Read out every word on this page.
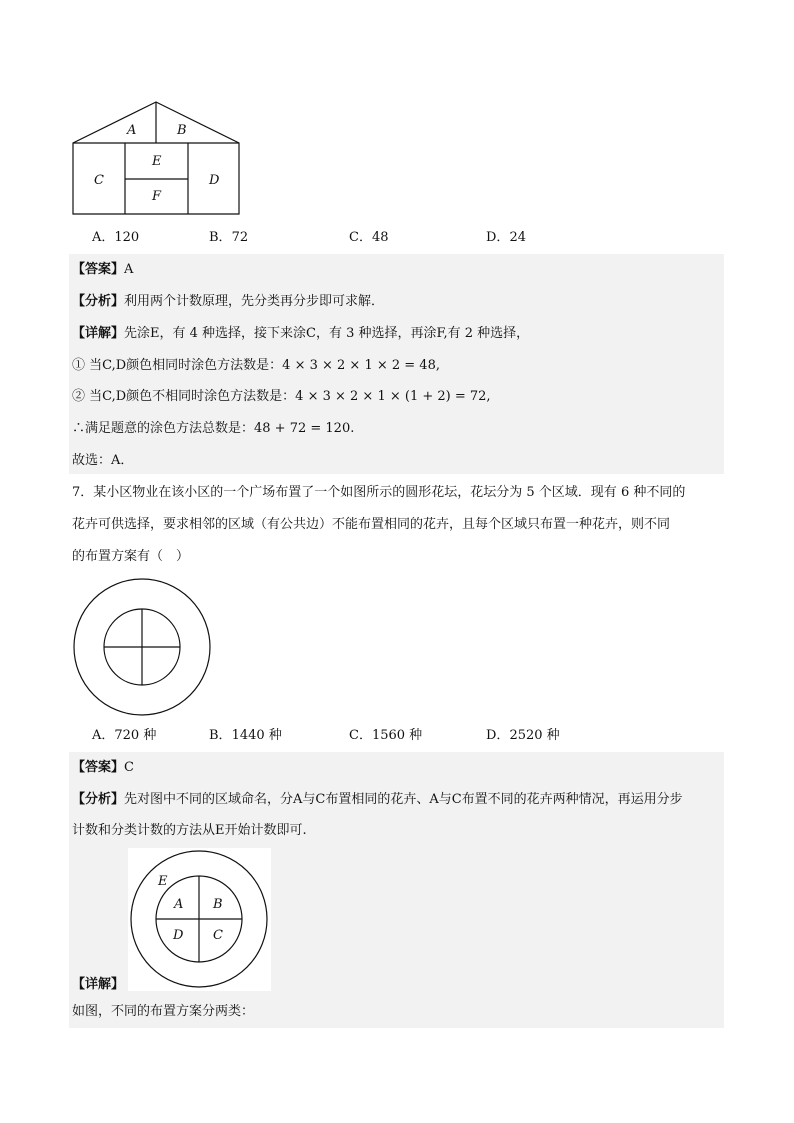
A	B
C
E
F
D
A．120	B．72	C．48	D．24
【答案】A
【分析】利用两个计数原理，先分类再分步即可求解．
【详解】先涂E，有 4 种选择，接下来涂C，有 3 种选择，再涂F,有 2 种选择，
① 当C,D颜色相同时涂色方法数是：4 × 3 × 2 × 1 × 2 = 48,
② 当C,D颜色不相同时涂色方法数是：4 × 3 × 2 × 1 × (1 + 2) = 72,
∴满足题意的涂色方法总数是：48 + 72 = 120.
故选：A．
7．某小区物业在该小区的一个广场布置了一个如图所示的圆形花坛，花坛分为 5 个区域．现有 6 种不同的
花卉可供选择，要求相邻的区域（有公共边）不能布置相同的花卉，且每个区域只布置一种花卉，则不同
的布置方案有（　）
A．720 种	B．1440 种	C．1560 种	D．2520 种
【答案】C
【分析】先对图中不同的区域命名，分A与C布置相同的花卉、A与C布置不同的花卉两种情况，再运用分步
计数和分类计数的方法从E开始计数即可.
E
A B
D C
【详解】
如图，不同的布置方案分两类：
